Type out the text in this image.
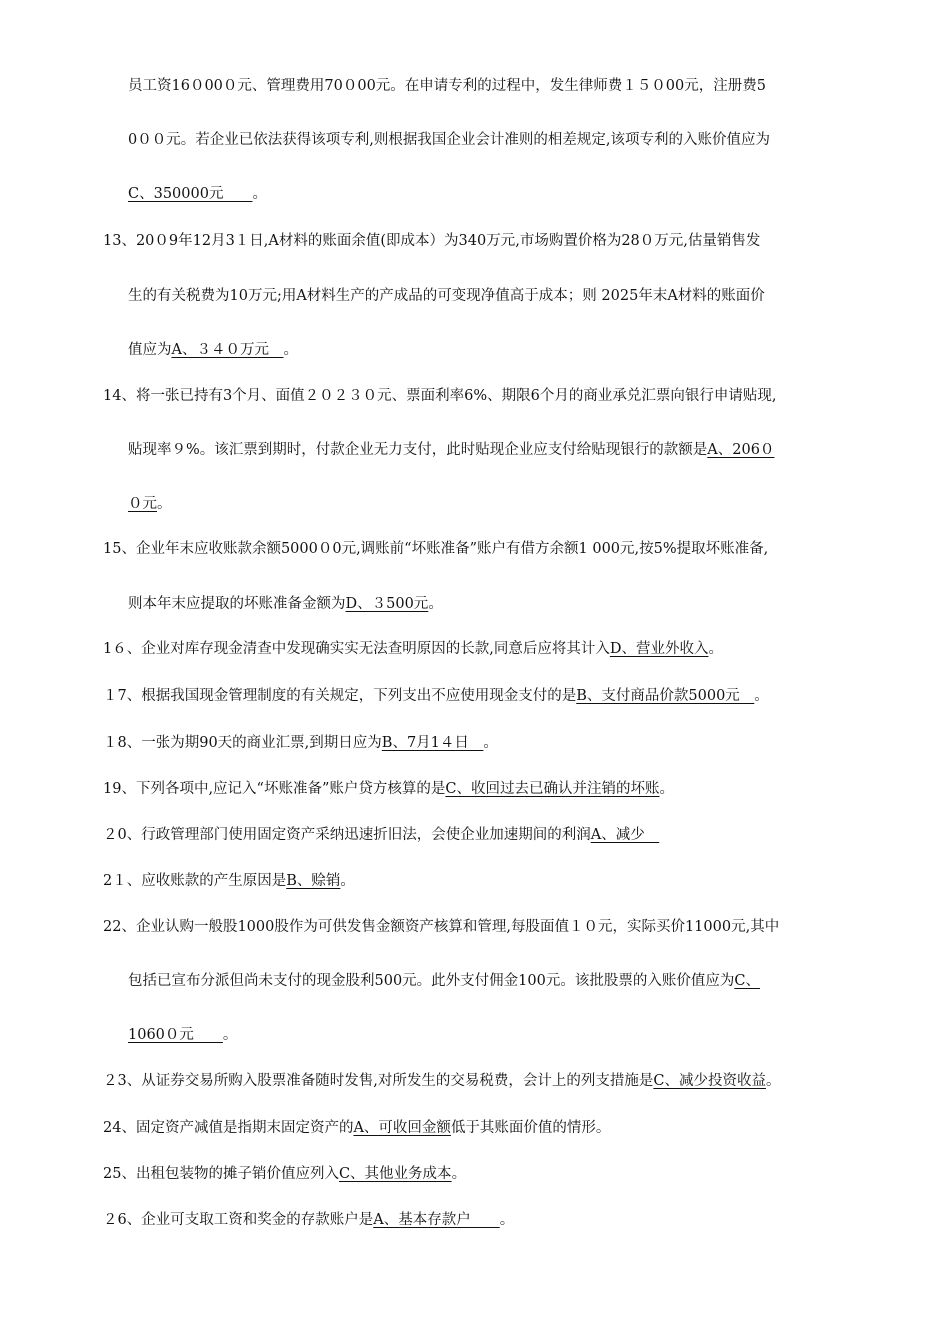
员工资16０00０元、管理费用70０00元。在申请专利的过程中，发生律师费１５０00元，注册费5
0００元。若企业已依法获得该项专利,则根据我国企业会计准则的相差规定,该项专利的入账价值应为
C、350000元　　。
13、20０9年12月3１日,A材料的账面余值(即成本）为340万元,市场购置价格为28０万元,估量销售发
生的有关税费为10万元;用A材料生产的产成品的可变现净值高于成本；则 2025年末A材料的账面价
值应为A、３４０万元　。
14、将一张已持有3个月、面值２０２３０元、票面利率6%、期限6个月的商业承兑汇票向银行申请贴现,
贴现率９%。该汇票到期时，付款企业无力支付，此时贴现企业应支付给贴现银行的款额是A、206０
０元。
15、企业年末应收账款余额5000０0元,调账前“坏账准备”账户有借方余额1 000元,按5%提取坏账准备,
则本年末应提取的坏账准备金额为D、３500元。
1６、企业对库存现金清查中发现确实实无法查明原因的长款,同意后应将其计入D、营业外收入。
１7、根据我国现金管理制度的有关规定，下列支出不应使用现金支付的是B、支付商品价款5000元　。
１8、一张为期90天的商业汇票,到期日应为B、7月1４日　。
19、下列各项中,应记入“坏账准备”账户贷方核算的是C、收回过去已确认并注销的坏账。
２0、行政管理部门使用固定资产采纳迅速折旧法，会使企业加速期间的利润A、减少　
2１、应收账款的产生原因是B、赊销。
22、企业认购一般股1000股作为可供发售金额资产核算和管理,每股面值１０元，实际买价11000元,其中
包括已宣布分派但尚未支付的现金股利500元。此外支付佣金100元。该批股票的入账价值应为C、
1060０元　　。
２3、从证券交易所购入股票准备随时发售,对所发生的交易税费，会计上的列支措施是C、减少投资收益。
24、固定资产减值是指期末固定资产的A、可收回金额低于其账面价值的情形。
25、出租包装物的摊子销价值应列入C、其他业务成本。
２6、企业可支取工资和奖金的存款账户是A、基本存款户　　。
